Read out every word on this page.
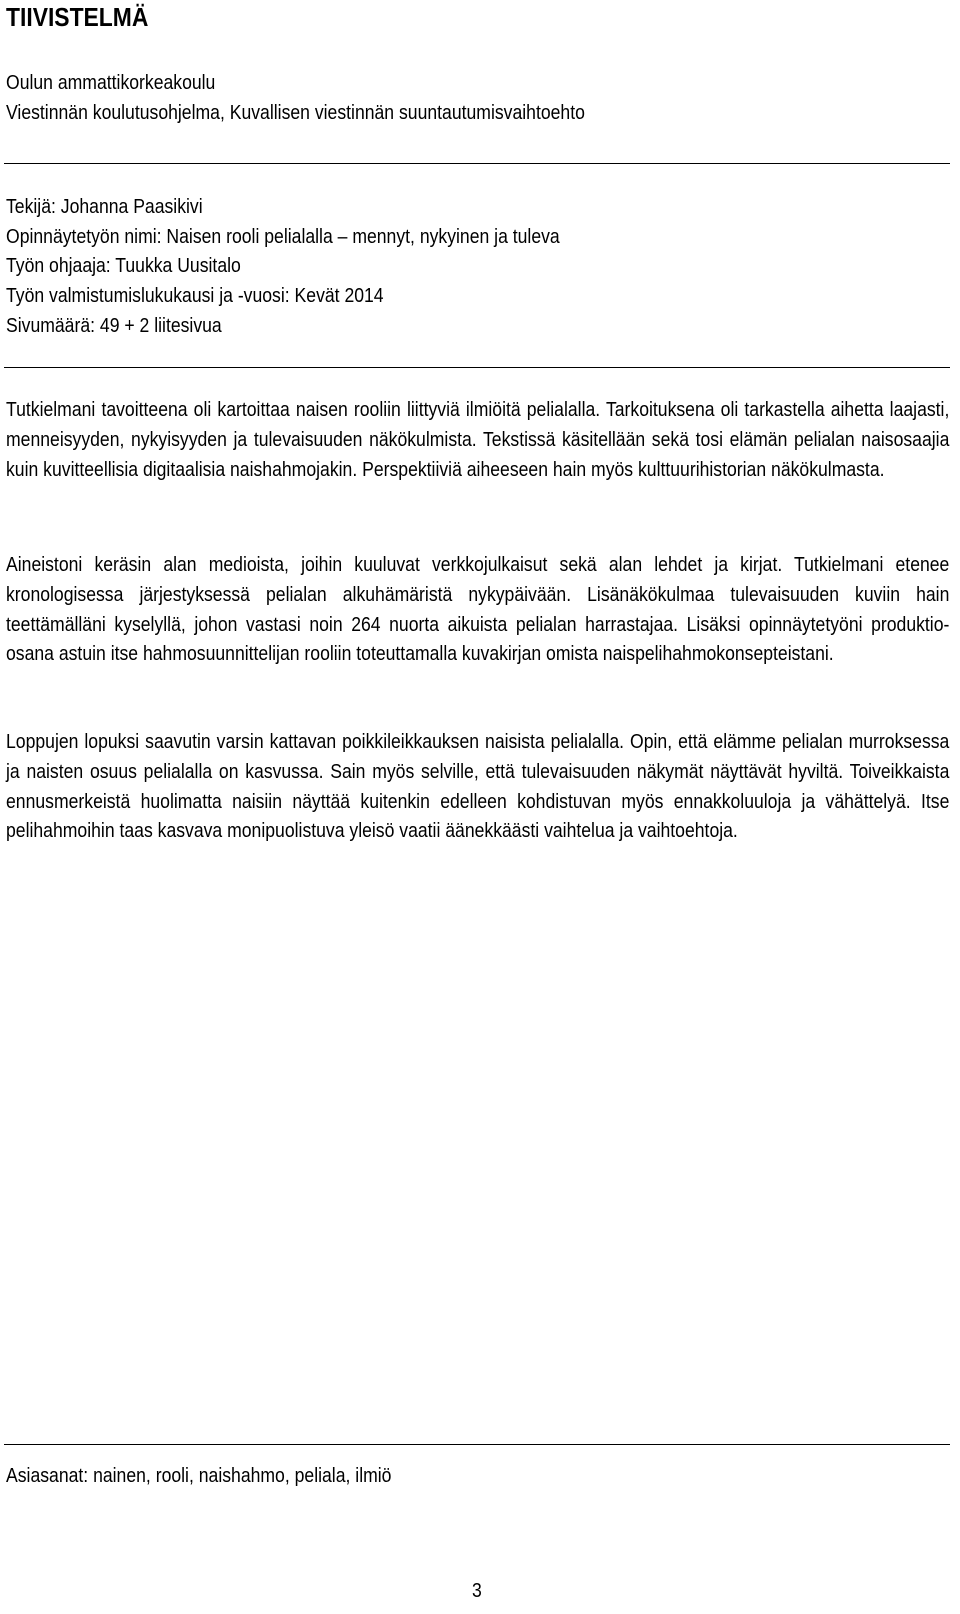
TIIVISTELMÄ
Oulun ammattikorkeakoulu
Viestinnän koulutusohjelma, Kuvallisen viestinnän suuntautumisvaihtoehto
Tekijä: Johanna Paasikivi
Opinnäytetyön nimi: Naisen rooli pelialalla – mennyt, nykyinen ja tuleva
Työn ohjaaja: Tuukka Uusitalo
Työn valmistumislukukausi ja -vuosi: Kevät 2014
Sivumäärä: 49 + 2 liitesivua
Tutkielmani tavoitteena oli kartoittaa naisen rooliin liittyviä ilmiöitä pelialalla. Tarkoituksena oli tarkastella aihetta laajasti, menneisyyden, nykyisyyden ja tulevaisuuden näkökulmista. Tekstissä käsitellään sekä tosi elämän pelialan naisosaajia kuin kuvitteellisia digitaalisia naishahmojakin. Perspektiiviä aiheeseen hain myös kulttuurihistorian näkökulmasta.
Aineistoni keräsin alan medioista, joihin kuuluvat verkkojulkaisut sekä alan lehdet ja kirjat. Tutkielmani etenee kronologisessa järjestyksessä pelialan alkuhämäristä nykypäivään. Lisänäkökulmaa tulevaisuuden kuviin hain teettämälläni kyselyllä, johon vastasi noin 264 nuorta aikuista pelialan harrastajaa. Lisäksi opinnäytetyöni produktio-osana astuin itse hahmosuunnittelijan rooliin toteuttamalla kuvakirjan omista naispelihahmokonsepteistani.
Loppujen lopuksi saavutin varsin kattavan poikkileikkauksen naisista pelialalla. Opin, että elämme pelialan murroksessa ja naisten osuus pelialalla on kasvussa. Sain myös selville, että tulevaisuuden näkymät näyttävät hyviltä. Toiveikkaista ennusmerkeistä huolimatta naisiin näyttää kuitenkin edelleen kohdistuvan myös ennakkoluuloja ja vähättelyä. Itse pelihahmoihin taas kasvava monipuolistuva yleisö vaatii äänekkäästi vaihtelua ja vaihtoehtoja.
Asiasanat: nainen, rooli, naishahmo, peliala, ilmiö
3
